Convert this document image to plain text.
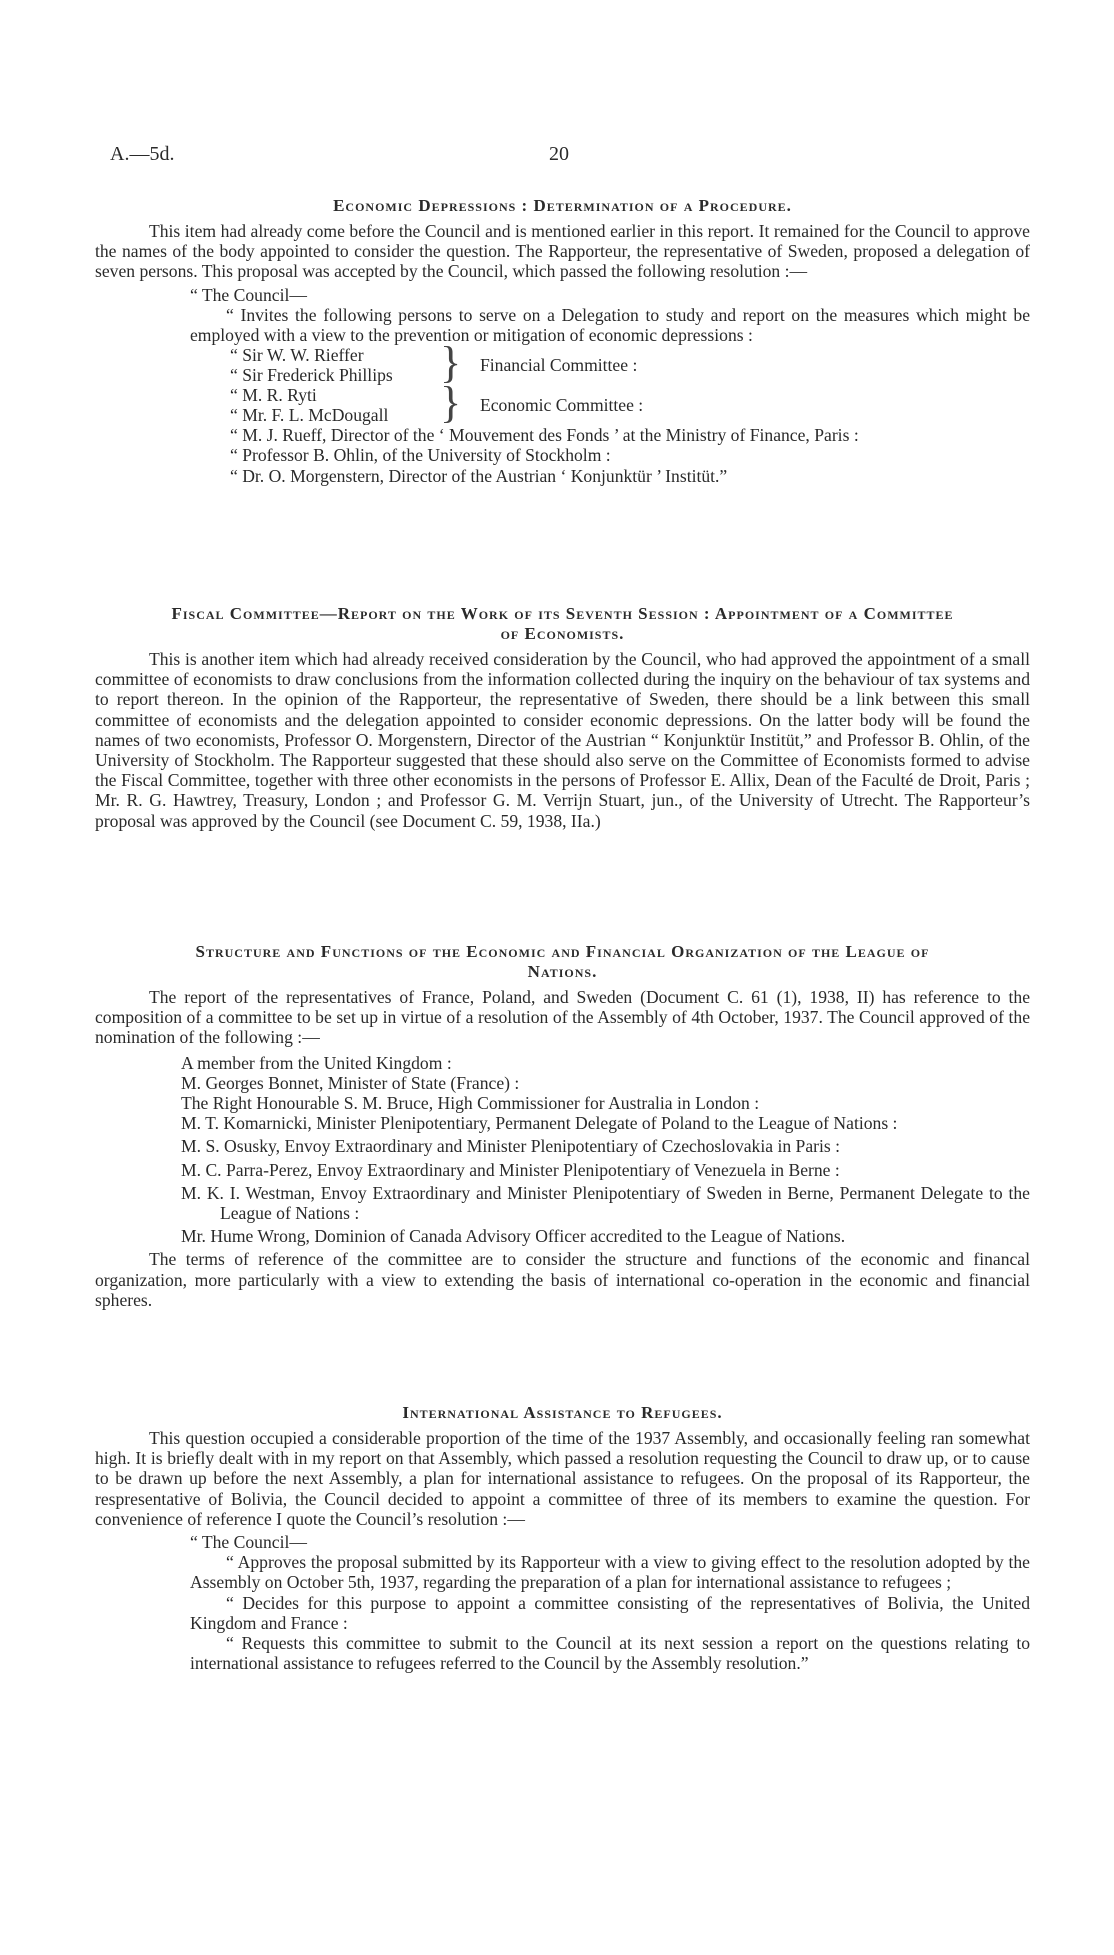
A.—5d.	20
Economic Depressions : Determination of a Procedure.

This item had already come before the Council and is mentioned earlier in this report. It remained for the Council to approve the names of the body appointed to consider the question. The Rapporteur, the representative of Sweden, proposed a delegation of seven persons. This proposal was accepted by the Council, which passed the following resolution :—

“ The Council—

“ Invites the following persons to serve on a Delegation to study and report on the measures which might be employed with a view to the prevention or mitigation of economic depressions :

“ Sir W. W. Rieffer
“ Sir Frederick Phillips } Financial Committee :
“ M. R. Ryti
“ Mr. F. L. McDougall } Economic Committee :

“ M. J. Rueff, Director of the ‘ Mouvement des Fonds ’ at the Ministry of Finance, Paris :

“ Professor B. Ohlin, of the University of Stockholm :

“ Dr. O. Morgenstern, Director of the Austrian ‘ Konjunktür ’ Institüt.”

Fiscal Committee—Report on the Work of its Seventh Session : Appointment of a Committee
of Economists.

This is another item which had already received consideration by the Council, who had approved the appointment of a small committee of economists to draw conclusions from the information collected during the inquiry on the behaviour of tax systems and to report thereon. In the opinion of the Rapporteur, the representative of Sweden, there should be a link between this small committee of economists and the delegation appointed to consider economic depressions. On the latter body will be found the names of two economists, Professor O. Morgenstern, Director of the Austrian “ Konjunktür Institüt,” and Professor B. Ohlin, of the University of Stockholm. The Rapporteur suggested that these should also serve on the Committee of Economists formed to advise the Fiscal Committee, together with three other economists in the persons of Professor E. Allix, Dean of the Faculté de Droit, Paris ; Mr. R. G. Hawtrey, Treasury, London ; and Professor G. M. Verrijn Stuart, jun., of the University of Utrecht. The Rapporteur’s proposal was approved by the Council (see Document C. 59, 1938, IIa.)

Structure and Functions of the Economic and Financial Organization of the League of
Nations.

The report of the representatives of France, Poland, and Sweden (Document C. 61 (1), 1938, II) has reference to the composition of a committee to be set up in virtue of a resolution of the Assembly of 4th October, 1937. The Council approved of the nomination of the following :—

A member from the United Kingdom :

M. Georges Bonnet, Minister of State (France) :

The Right Honourable S. M. Bruce, High Commissioner for Australia in London :

M. T. Komarnicki, Minister Plenipotentiary, Permanent Delegate of Poland to the League of Nations :

M. S. Osusky, Envoy Extraordinary and Minister Plenipotentiary of Czechoslovakia in Paris :

M. C. Parra-Perez, Envoy Extraordinary and Minister Plenipotentiary of Venezuela in Berne :

M. K. I. Westman, Envoy Extraordinary and Minister Plenipotentiary of Sweden in Berne, Permanent Delegate to the League of Nations :

Mr. Hume Wrong, Dominion of Canada Advisory Officer accredited to the League of Nations.

The terms of reference of the committee are to consider the structure and functions of the economic and financal organization, more particularly with a view to extending the basis of international co-operation in the economic and financial spheres.

International Assistance to Refugees.

This question occupied a considerable proportion of the time of the 1937 Assembly, and occasionally feeling ran somewhat high. It is briefly dealt with in my report on that Assembly, which passed a resolution requesting the Council to draw up, or to cause to be drawn up before the next Assembly, a plan for international assistance to refugees. On the proposal of its Rapporteur, the respresentative of Bolivia, the Council decided to appoint a committee of three of its members to examine the question. For convenience of reference I quote the Council’s resolution :—

“ The Council—

“ Approves the proposal submitted by its Rapporteur with a view to giving effect to the resolution adopted by the Assembly on October 5th, 1937, regarding the preparation of a plan for international assistance to refugees ;

“ Decides for this purpose to appoint a committee consisting of the representatives of Bolivia, the United Kingdom and France :

“ Requests this committee to submit to the Council at its next session a report on the questions relating to international assistance to refugees referred to the Council by the Assembly resolution.”
